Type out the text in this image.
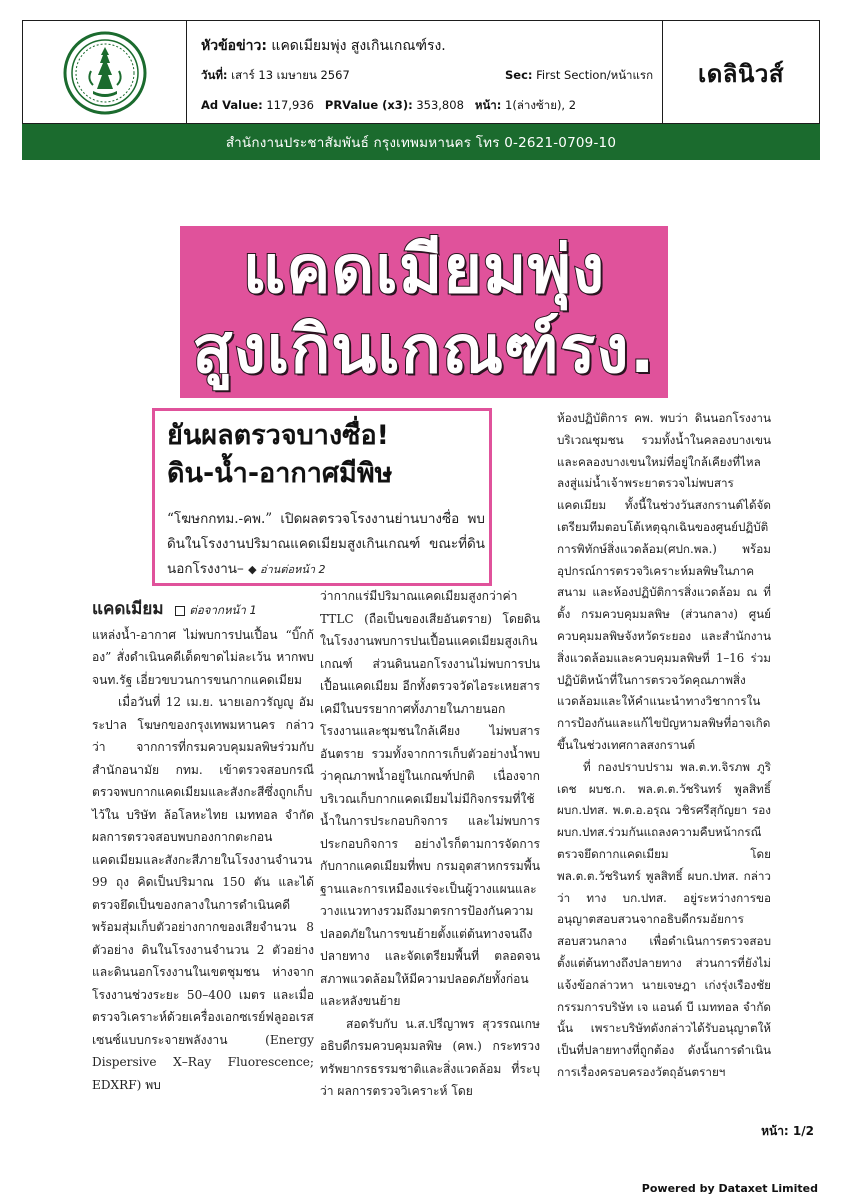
หัวข้อข่าว: แคดเมียมพุ่ง สูงเกินเกณฑ์รง.
วันที่: เสาร์ 13 เมษายน 2567	Sec: First Section/หน้าแรก
Ad Value: 117,936 PRValue (x3): 353,808 หน้า: 1(ล่างซ้าย), 2
เดลินิวส์
สำนักงานประชาสัมพันธ์ กรุงเทพมหานคร โทร 0-2621-0709-10
แคดเมียมพุ่ง
สูงเกินเกณฑ์รง.
ยันผลตรวจบางซื่อ!
ดิน-น้ำ-อากาศมีพิษ
“โฆษกกทม.-คพ.” เปิดผลตรวจโรงงานย่านบางซื่อ พบดินในโรงงานปริมาณแคดเมียมสูงเกินเกณฑ์ ขณะที่ดินนอกโรงงาน– ◆ อ่านต่อหน้า 2

แคดเมียม ต่อจากหน้า 1

แหล่งน้ำ-อากาศ ไม่พบการปนเปื้อน “บิ๊กก้อง” สั่งดำเนินคดีเด็ดขาดไม่ละเว้น หากพบ จนท.รัฐ เอี่ยวขบวนการขนกากแคดเมียม

เมื่อวันที่ 12 เม.ย. นายเอกวรัญญู อัมระปาล โฆษกของกรุงเทพมหานคร กล่าวว่า จากการที่กรมควบคุมมลพิษร่วมกับ สำนักอนามัย กทม. เข้าตรวจสอบกรณีตรวจพบกากแคดเมียมและสังกะสีซึ่งถูกเก็บไว้ใน บริษัท ล้อโลหะไทย เมททอล จำกัด ผลการตรวจสอบพบกองกากตะกอนแคดเมียมและสังกะสีภายในโรงงานจำนวน 99 ถุง คิดเป็นปริมาณ 150 ตัน และได้ตรวจยึดเป็นของกลางในการดำเนินคดี พร้อมสุ่มเก็บตัวอย่างกากของเสียจำนวน 8 ตัวอย่าง ดินในโรงงานจำนวน 2 ตัวอย่าง และดินนอกโรงงานในเขตชุมชน ห่างจากโรงงานช่วงระยะ 50–400 เมตร และเมื่อตรวจวิเคราะห์ด้วยเครื่องเอกซเรย์ฟลูออเรสเซนซ์แบบกระจายพลังงาน (Energy Dispersive X–Ray Fluorescence; EDXRF) พบ

ว่ากากแร่มีปริมาณแคดเมียมสูงกว่าค่า TTLC (ถือเป็นของเสียอันตราย) โดยดินในโรงงานพบการปนเปื้อนแคดเมียมสูงเกินเกณฑ์ ส่วนดินนอกโรงงานไม่พบการปนเปื้อนแคดเมียม อีกทั้งตรวจวัดไอระเหยสารเคมีในบรรยากาศทั้งภายในภายนอกโรงงานและชุมชนใกล้เคียง ไม่พบสารอันตราย รวมทั้งจากการเก็บตัวอย่างน้ำพบว่าคุณภาพน้ำอยู่ในเกณฑ์ปกติ เนื่องจากบริเวณเก็บกากแคดเมียมไม่มีกิจกรรมที่ใช้น้ำในการประกอบกิจการ และไม่พบการประกอบกิจการ อย่างไรก็ตามการจัดการกับกากแคดเมียมที่พบ กรมอุตสาหกรรมพื้นฐานและการเหมืองแร่จะเป็นผู้วางแผนและวางแนวทางรวมถึงมาตรการป้องกันความปลอดภัยในการขนย้ายตั้งแต่ต้นทางจนถึงปลายทาง และจัดเตรียมพื้นที่ ตลอดจนสภาพแวดล้อมให้มีความปลอดภัยทั้งก่อนและหลังขนย้าย

สอดรับกับ น.ส.ปรีญาพร สุวรรณเกษ อธิบดีกรมควบคุมมลพิษ (คพ.) กระทรวงทรัพยากรธรรมชาติและสิ่งแวดล้อม ที่ระบุว่า ผลการตรวจวิเคราะห์ โดย

ห้องปฏิบัติการ คพ. พบว่า ดินนอกโรงงานบริเวณชุมชน รวมทั้งน้ำในคลองบางเขนและคลองบางเขนใหม่ที่อยู่ใกล้เคียงที่ไหลลงสู่แม่น้ำเจ้าพระยาตรวจไม่พบสารแคดเมียม ทั้งนี้ในช่วงวันสงกรานต์ได้จัดเตรียมทีมตอบโต้เหตุฉุกเฉินของศูนย์ปฏิบัติการพิทักษ์สิ่งแวดล้อม(ศปก.พล.) พร้อมอุปกรณ์การตรวจวิเคราะห์มลพิษในภาคสนาม และห้องปฏิบัติการสิ่งแวดล้อม ณ ที่ตั้ง กรมควบคุมมลพิษ (ส่วนกลาง) ศูนย์ควบคุมมลพิษจังหวัดระยอง และสำนักงานสิ่งแวดล้อมและควบคุมมลพิษที่ 1–16 ร่วมปฏิบัติหน้าที่ในการตรวจวัดคุณภาพสิ่งแวดล้อมและให้คำแนะนำทางวิชาการในการป้องกันและแก้ไขปัญหามลพิษที่อาจเกิดขึ้นในช่วงเทศกาลสงกรานต์

ที่ กองปราบปราม พล.ต.ท.จิรภพ ภูริเดช ผบช.ก. พล.ต.ต.วัชรินทร์ พูลสิทธิ์ ผบก.ปทส. พ.ต.อ.อรุณ วชิรศรีสุกัญยา รอง ผบก.ปทส.ร่วมกันแถลงความคืบหน้ากรณีตรวจยึดกากแคดเมียม โดย พล.ต.ต.วัชรินทร์ พูลสิทธิ์ ผบก.ปทส. กล่าวว่า ทาง บก.ปทส. อยู่ระหว่างการขออนุญาตสอบสวนจากอธิบดีกรมอัยการสอบสวนกลาง เพื่อดำเนินการตรวจสอบตั้งแต่ต้นทางถึงปลายทาง ส่วนการที่ยังไม่แจ้งข้อกล่าวหา นายเจษฎา เก่งรุ่งเรืองชัย กรรมการบริษัท เจ แอนด์ บี เมททอล จำกัด นั้น เพราะบริษัทดังกล่าวได้รับอนุญาตให้เป็นที่ปลายทางที่ถูกต้อง ดังนั้นการดำเนินการเรื่องครอบครองวัตถุอันตรายฯ

หน้า: 1/2
Powered by Dataxet Limited
